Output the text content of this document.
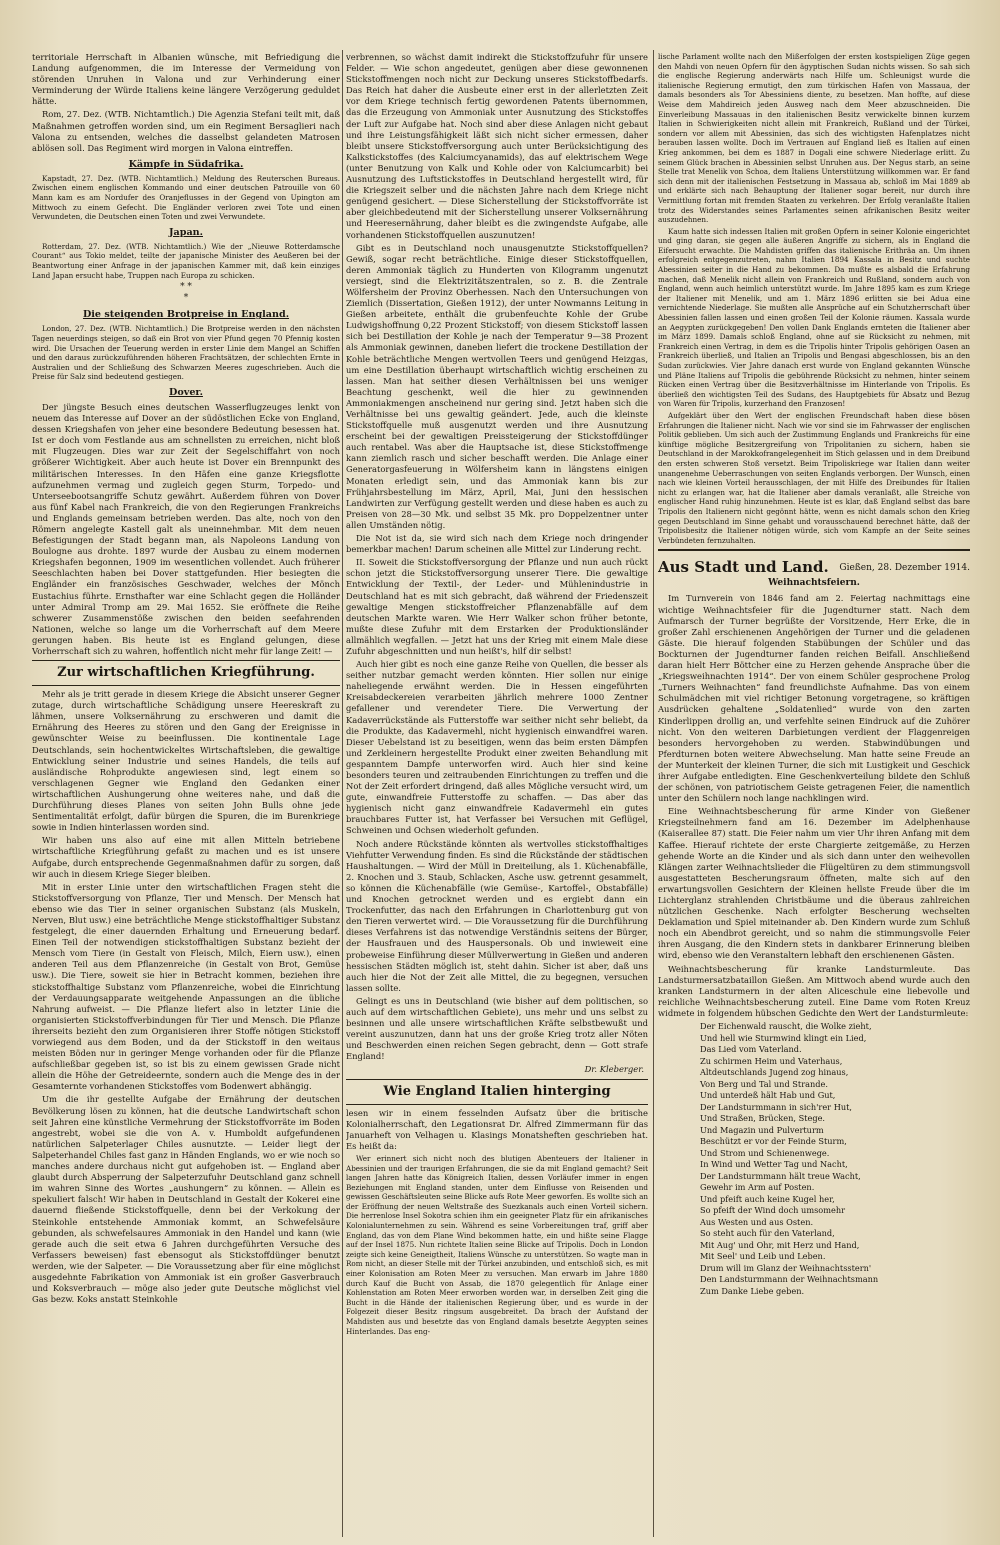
territoriale Herrschaft in Albanien wünsche, mit Befriedigung die Landung aufgenommen, die im Interesse der Vermeidung von störenden Unruhen in Valona und zur Verhinderung einer Verminderung der Würde Italiens keine längere Verzögerung geduldet hätte.

Rom, 27. Dez. (WTB. Nichtamtlich.) Die Agenzia Stefani teilt mit, daß Maßnahmen getroffen worden sind, um ein Regiment Bersaglieri nach Valona zu entsenden, welches die dasselbst gelandeten Matrosen ablösen soll. Das Regiment wird morgen in Valona eintreffen.

Kämpfe in Südafrika.

Kapstadt, 27. Dez. (WTB. Nichtamtlich.) Meldung des Reuterschen Bureaus. Zwischen einem englischen Kommando und einer deutschen Patrouille von 60 Mann kam es am Nordufer des Oranjeflusses in der Gegend von Upington am Mittwoch zu einem Gefecht. Die Engländer verloren zwei Tote und einen Verwundeten, die Deutschen einen Toten und zwei Verwundete.

Japan.

Rotterdam, 27. Dez. (WTB. Nichtamtlich.) Wie der „Nieuwe Rotterdamsche Courant“ aus Tokio meldet, teilte der japanische Minister des Aeußeren bei der Beantwortung einer Anfrage in der japanischen Kammer mit, daß kein einziges Land Japan ersucht habe, Truppen nach Europa zu schicken.

* *
*
Die steigenden Brotpreise in England.

London, 27. Dez. (WTB. Nichtamtlich.) Die Brotpreise werden in den nächsten Tagen neuerdings steigen, so daß ein Brot von vier Pfund gegen 70 Pfennig kosten wird. Die Ursachen der Teuerung werden in erster Linie dem Mangel an Schiffen und den daraus zurückzuführenden höheren Frachtsätzen, der schlechten Ernte in Australien und der Schließung des Schwarzen Meeres zugeschrieben. Auch die Preise für Salz sind bedeutend gestiegen.

Dover.

Der jüngste Besuch eines deutschen Wasserflugzeuges lenkt von neuem das Interesse auf Dover an der südöstlichen Ecke von England, dessen Kriegshafen von jeher eine besondere Bedeutung besessen hat. Ist er doch vom Festlande aus am schnellsten zu erreichen, nicht bloß mit Flugzeugen. Dies war zur Zeit der Segelschiffahrt von noch größerer Wichtigkeit. Aber auch heute ist Dover ein Brennpunkt des militärischen Interesses. In den Häfen eine ganze Kriegsflotte aufzunehmen vermag und zugleich gegen Sturm, Torpedo- und Unterseebootsangriffe Schutz gewährt. Außerdem führen von Dover aus fünf Kabel nach Frankreich, die von den Regierungen Frankreichs und Englands gemeinsam betrieben werden. Das alte, noch von den Römern angelegte Kastell galt als uneinnehmbar. Mit dem neuen Befestigungen der Stadt begann man, als Napoleons Landung von Boulogne aus drohte. 1897 wurde der Ausbau zu einem modernen Kriegshafen begonnen, 1909 im wesentlichen vollendet. Auch früherer Seeschlachten haben bei Dover stattgefunden. Hier besiegten die Engländer ein französisches Geschwader, welches der Mönch Eustachius führte. Ernsthafter war eine Schlacht gegen die Holländer unter Admiral Tromp am 29. Mai 1652. Sie eröffnete die Reihe schwerer Zusammenstöße zwischen den beiden seefahrenden Nationen, welche so lange um die Vorherrschaft auf dem Meere gerungen haben. Bis heute ist es England gelungen, diese Vorherrschaft sich zu wahren, hoffentlich nicht mehr für lange Zeit! —

Zur wirtschaftlichen Kriegführung.

Mehr als je tritt gerade in diesem Kriege die Absicht unserer Gegner zutage, durch wirtschaftliche Schädigung unsere Heereskraft zu lähmen, unsere Volksernährung zu erschweren und damit die Ernährung des Heeres zu stören und den Gang der Ereignisse in gewünschter Weise zu beeinflussen. Die kontinentale Lage Deutschlands, sein hochentwickeltes Wirtschaftsleben, die gewaltige Entwicklung seiner Industrie und seines Handels, die teils auf ausländische Rohprodukte angewiesen sind, legt einem so verschlagenen Gegner wie England den Gedanken einer wirtschaftlichen Aushungerung ohne weiteres nahe, und daß die Durchführung dieses Planes von seiten John Bulls ohne jede Sentimentalität erfolgt, dafür bürgen die Spuren, die im Burenkriege sowie in Indien hinterlassen worden sind.

Wir haben uns also auf eine mit allen Mitteln betriebene wirtschaftliche Kriegführung gefaßt zu machen und es ist unsere Aufgabe, durch entsprechende Gegenmaßnahmen dafür zu sorgen, daß wir auch in diesem Kriege Sieger bleiben.

Mit in erster Linie unter den wirtschaftlichen Fragen steht die Stickstoffversorgung von Pflanze, Tier und Mensch. Der Mensch hat ebenso wie das Tier in seiner organischen Substanz (als Muskeln, Nerven, Blut usw.) eine beträchtliche Menge stickstoffhaltiger Substanz festgelegt, die einer dauernden Erhaltung und Erneuerung bedarf. Einen Teil der notwendigen stickstoffhaltigen Substanz bezieht der Mensch vom Tiere (in Gestalt von Fleisch, Milch, Eiern usw.), einen anderen Teil aus dem Pflanzenreiche (in Gestalt von Brot, Gemüse usw.). Die Tiere, soweit sie hier in Betracht kommen, beziehen ihre stickstoffhaltige Substanz vom Pflanzenreiche, wobei die Einrichtung der Verdauungsapparate weitgehende Anpassungen an die übliche Nahrung aufweist. — Die Pflanze liefert also in letzter Linie die organisierten Stickstoffverbindungen für Tier und Mensch. Die Pflanze ihrerseits bezieht den zum Organisieren ihrer Stoffe nötigen Stickstoff vorwiegend aus dem Boden, und da der Stickstoff in den weitaus meisten Böden nur in geringer Menge vorhanden oder für die Pflanze aufschließbar gegeben ist, so ist bis zu einem gewissen Grade nicht allein die Höhe der Getreideernte, sondern auch die Menge des in der Gesamternte vorhandenen Stickstoffes vom Bodenwert abhängig.

Um die ihr gestellte Aufgabe der Ernährung der deutschen Bevölkerung lösen zu können, hat die deutsche Landwirtschaft schon seit Jahren eine künstliche Vermehrung der Stickstoffvorräte im Boden angestrebt, wobei sie die von A. v. Humboldt aufgefundenen natürlichen Salpeterlager Chiles ausnutzte. — Leider liegt der Salpeterhandel Chiles fast ganz in Händen Englands, wo er wie noch so manches andere durchaus nicht gut aufgehoben ist. — England aber glaubt durch Absperrung der Salpeterzufuhr Deutschland ganz schnell im wahren Sinne des Wortes „aushungern“ zu können. — Allein es spekuliert falsch! Wir haben in Deutschland in Gestalt der Kokerei eine dauernd fließende Stickstoffquelle, denn bei der Verkokung der Steinkohle entstehende Ammoniak kommt, an Schwefelsäure gebunden, als schwefelsaures Ammoniak in den Handel und kann (wie gerade auch die seit etwa 6 Jahren durchgeführten Versuche des Verfassers beweisen) fast ebensogut als Stickstoffdünger benutzt werden, wie der Salpeter. — Die Voraussetzung aber für eine möglichst ausgedehnte Fabrikation von Ammoniak ist ein großer Gasverbrauch und Koksverbrauch — möge also jeder gute Deutsche möglichst viel Gas bezw. Koks anstatt Steinkohle

verbrennen, so wächst damit indirekt die Stickstoffzufuhr für unsere Felder. — Wie schon angedeutet, genügen aber diese gewonnenen Stickstoffmengen noch nicht zur Deckung unseres Stickstoffbedarfs. Das Reich hat daher die Ausbeute einer erst in der allerletzten Zeit vor dem Kriege technisch fertig gewordenen Patents übernommen, das die Erzeugung von Ammoniak unter Ausnutzung des Stickstoffes der Luft zur Aufgabe hat. Noch sind aber diese Anlagen nicht gebaut und ihre Leistungsfähigkeit läßt sich nicht sicher ermessen, daher bleibt unsere Stickstoffversorgung auch unter Berücksichtigung des Kalkstickstoffes (des Kalciumcyanamids), das auf elektrischem Wege (unter Benutzung von Kalk und Kohle oder von Kalciumcarbit) bei Ausnutzung des Luftstickstoffes in Deutschland hergestellt wird, für die Kriegszeit selber und die nächsten Jahre nach dem Kriege nicht genügend gesichert. — Diese Sicherstellung der Stickstoffvorräte ist aber gleichbedeutend mit der Sicherstellung unserer Volksernährung und Heeresernährung, daher bleibt es die zwingendste Aufgabe, alle vorhandenen Stickstoffquellen auszunutzen!

Gibt es in Deutschland noch unausgenutzte Stickstoffquellen? Gewiß, sogar recht beträchtliche. Einige dieser Stickstoffquellen, deren Ammoniak täglich zu Hunderten von Kilogramm ungenutzt versiegt, sind die Elektrizitätszentralen, so z. B. die Zentrale Wölfersheim der Provinz Oberhessen. Nach den Untersuchungen von Ziemlich (Dissertation, Gießen 1912), der unter Nowmanns Leitung in Gießen arbeitete, enthält die grubenfeuchte Kohle der Grube Ludwigshoffnung 0,22 Prozent Stickstoff; von diesem Stickstoff lassen sich bei Destillation der Kohle je nach der Temperatur 9—38 Prozent als Ammoniak gewinnen, daneben liefert die trockene Destillation der Kohle beträchtliche Mengen wertvollen Teers und genügend Heizgas, um eine Destillation überhaupt wirtschaftlich wichtig erscheinen zu lassen. Man hat seither diesen Verhältnissen bei uns weniger Beachtung geschenkt, weil die hier zu gewinnenden Ammoniakmengen anscheinend nur gering sind. Jetzt haben sich die Verhältnisse bei uns gewaltig geändert. Jede, auch die kleinste Stickstoffquelle muß ausgenutzt werden und ihre Ausnutzung erscheint bei der gewaltigen Preissteigerung der Stickstoffdünger auch rentabel. Was aber die Hauptsache ist, diese Stickstoffmenge kann ziemlich rasch und sicher beschafft werden. Die Anlage einer Generatorgasfeuerung in Wölfersheim kann in längstens einigen Monaten erledigt sein, und das Ammoniak kann bis zur Frühjahrsbestellung im März, April, Mai, Juni den hessischen Landwirten zur Verfügung gestellt werden und diese haben es auch zu Preisen von 28—30 Mk. und selbst 35 Mk. pro Doppelzentner unter allen Umständen nötig.

Die Not ist da, sie wird sich nach dem Kriege noch dringender bemerkbar machen! Darum scheinen alle Mittel zur Linderung recht.

II. Soweit die Stickstoffversorgung der Pflanze und nun auch rückt schon jetzt die Stickstoffversorgung unserer Tiere. Die gewaltige Entwicklung der Textil-, der Leder- und Mühlenindustrie in Deutschland hat es mit sich gebracht, daß während der Friedenszeit gewaltige Mengen stickstoffreicher Pflanzenabfälle auf dem deutschen Markte waren. Wie Herr Walker schon früher betonte, mußte diese Zufuhr mit dem Erstarken der Produktionsländer allmählich wegfallen. — Jetzt hat uns der Krieg mit einem Male diese Zufuhr abgeschnitten und nun heißt's, hilf dir selbst!

Auch hier gibt es noch eine ganze Reihe von Quellen, die besser als seither nutzbar gemacht werden könnten. Hier sollen nur einige naheliegende erwähnt werden. Die in Hessen eingeführten Kreisabdeckereien verarbeiten jährlich mehrere 1000 Zentner gefallener und verendeter Tiere. Die Verwertung der Kadaverrückstände als Futterstoffe war seither nicht sehr beliebt, da die Produkte, das Kadavermehl, nicht hygienisch einwandfrei waren. Dieser Uebelstand ist zu beseitigen, wenn das beim ersten Dämpfen und Zerkleinern hergestellte Produkt einer zweiten Behandlung mit gespanntem Dampfe unterworfen wird. Auch hier sind keine besonders teuren und zeitraubenden Einrichtungen zu treffen und die Not der Zeit erfordert dringend, daß alles Mögliche versucht wird, um gute, einwandfreie Futterstoffe zu schaffen. — Das aber das hygienisch nicht ganz einwandfreie Kadavermehl ein gutes brauchbares Futter ist, hat Verfasser bei Versuchen mit Geflügel, Schweinen und Ochsen wiederholt gefunden.

Noch andere Rückstände könnten als wertvolles stickstoffhaltiges Viehfutter Verwendung finden. Es sind die Rückstände der städtischen Haushaltungen. — Wird der Müll in Dreiteilung, als 1. Küchenabfälle, 2. Knochen und 3. Staub, Schlacken, Asche usw. getrennt gesammelt, so können die Küchenabfälle (wie Gemüse-, Kartoffel-, Obstabfälle) und Knochen getrocknet werden und es ergiebt dann ein Trockenfutter, das nach den Erfahrungen in Charlottenburg gut von den Tieren verwertet wird. — Die Voraussetzung für die Durchführung dieses Verfahrens ist das notwendige Verständnis seitens der Bürger, der Hausfrauen und des Hauspersonals. Ob und inwieweit eine probeweise Einführung dieser Müllverwertung in Gießen und anderen hessischen Städten möglich ist, steht dahin. Sicher ist aber, daß uns auch hier die Not der Zeit alle Mittel, die zu begegnen, versuchen lassen sollte.

Gelingt es uns in Deutschland (wie bisher auf dem politischen, so auch auf dem wirtschaftlichen Gebiete), uns mehr und uns selbst zu besinnen und alle unsere wirtschaftlichen Kräfte selbstbewußt und vereint auszunutzen, dann hat uns der große Krieg trotz aller Nöten und Beschwerden einen reichen Segen gebracht, denn — Gott strafe England!

Dr. Kleberger.
Wie England Italien hinterging

lesen wir in einem fesselnden Aufsatz über die britische Kolonialherrschaft, den Legationsrat Dr. Alfred Zimmermann für das Januarheft von Velhagen u. Klasings Monatsheften geschrieben hat. Es heißt da:

Wer erinnert sich nicht noch des blutigen Abenteuers der Italiener in Abessinien und der traurigen Erfahrungen, die sie da mit England gemacht? Seit langen Jahren hatte das Königreich Italien, dessen Vorläufer immer in engen Beziehungen mit England standen, unter dem Einflusse von Reisenden und gewissen Geschäftsleuten seine Blicke aufs Rote Meer geworfen. Es wollte sich an der Eröffnung der neuen Weltstraße des Suezkanals auch einen Vorteil sichern. Die herrenlose Insel Sokotra schien ihm ein geeigneter Platz für ein afrikanisches Kolonialunternehmen zu sein. Während es seine Vorbereitungen traf, griff aber England, das von dem Plane Wind bekommen hatte, ein und hißte seine Flagge auf der Insel 1875. Nun richtete Italien seine Blicke auf Tripolis. Doch in London zeigte sich keine Geneigtheit, Italiens Wünsche zu unterstützen. So wagte man in Rom nicht, an dieser Stelle mit der Türkei anzubinden, und entschloß sich, es mit einer Kolonisation am Roten Meer zu versuchen. Man erwarb im Jahre 1880 durch Kauf die Bucht von Assab, die 1870 gelegentlich für Anlage einer Kohlenstation am Roten Meer erworben worden war, in derselben Zeit ging die Bucht in die Hände der italienischen Regierung über, und es wurde in der Folgezeit dieser Besitz ringsum ausgebreitet. Da brach der Aufstand der Mahdisten aus und besetzte das von England damals besetzte Aegypten seines Hinterlandes. Das eng-

lische Parlament wollte nach den Mißerfolgen der ersten kostspieligen Züge gegen den Mahdi von neuen Opfern für den ägyptischen Sudan nichts wissen. So sah sich die englische Regierung anderwärts nach Hilfe um. Schleunigst wurde die italienische Regierung ermutigt, den zum türkischen Hafen von Massaua, der damals besonders als Tor Abessiniens diente, zu besetzen. Man hoffte, auf diese Weise dem Mahdireich jeden Ausweg nach dem Meer abzuschneiden. Die Einverleibung Massauas in den italienischen Besitz verwickelte binnen kurzem Italien in Schwierigkeiten nicht allein mit Frankreich, Rußland und der Türkei, sondern vor allem mit Abessinien, das sich des wichtigsten Hafenplatzes nicht berauben lassen wollte. Doch im Vertrauen auf England ließ es Italien auf einen Krieg ankommen, bei dem es 1887 in Dogali eine schwere Niederlage erlitt. Zu seinem Glück brachen in Abessinien selbst Unruhen aus. Der Negus starb, an seine Stelle trat Menelik von Schoa, dem Italiens Unterstützung willkommen war. Er fand sich denn mit der italienischen Festsetzung in Massaua ab, schloß im Mai 1889 ab und erklärte sich nach Behauptung der Italiener sogar bereit, nur durch ihre Vermittlung fortan mit fremden Staaten zu verkehren. Der Erfolg veranlaßte Italien trotz des Widerstandes seines Parlamentes seinen afrikanischen Besitz weiter auszudehnen.

Kaum hatte sich indessen Italien mit großen Opfern in seiner Kolonie eingerichtet und ging daran, sie gegen alle äußeren Angriffe zu sichern, als in England die Eifersucht erwachte. Die Mahdisten griffen das italienische Erithräa an. Um ihnen erfolgreich entgegenzutreten, nahm Italien 1894 Kassala in Besitz und suchte Abessinien seiter in die Hand zu bekommen. Da mußte es alsbald die Erfahrung machen, daß Menelik nicht allein von Frankreich und Rußland, sondern auch von England, wenn auch heimlich unterstützt wurde. Im Jahre 1895 kam es zum Kriege der Italiener mit Menelik, und am 1. März 1896 erlitten sie bei Adua eine vernichtende Niederlage. Sie mußten alle Ansprüche auf ein Schutzherrschaft über Abessinien fallen lassen und einen großen Teil der Kolonie räumen. Kassala wurde an Aegypten zurückgegeben! Den vollen Dank Englands ernteten die Italiener aber im März 1899. Damals schloß England, ohne auf sie Rücksicht zu nehmen, mit Frankreich einen Vertrag, in dem es die Tripolis hinter Tripolis gehörigen Oasen an Frankreich überließ, und Italien an Tripolis und Bengasi abgeschlossen, bis an den Sudan zurückwies. Vier Jahre danach erst wurde von England gekannten Wünsche und Pläne Italiens auf Tripolis die gebührende Rücksicht zu nehmen, hinter seinem Rücken einen Vertrag über die Besitzverhältnisse im Hinterlande von Tripolis. Es überließ den wichtigsten Teil des Sudans, des Hauptgebiets für Absatz und Bezug von Waren für Tripolis, kurzerhand den Franzosen!

Aufgeklärt über den Wert der englischen Freundschaft haben diese bösen Erfahrungen die Italiener nicht. Nach wie vor sind sie im Fahrwasser der englischen Politik geblieben. Um sich auch der Zustimmung Englands und Frankreichs für eine künftige mögliche Besitzergreifung von Tripolitanien zu sichern, haben sie Deutschland in der Marokkofrangelegenheit im Stich gelassen und in dem Dreibund den ersten schweren Stoß versetzt. Beim Tripoliskriege war Italien dann weiter unangenehme Ueberraschungen von seiten Englands verborgen. Der Wunsch, einen nach wie kleinen Vorteil herausschlagen, der mit Hilfe des Dreibundes für Italien nicht zu erlangen war, hat die Italiener aber damals veranlaßt, alle Streiche von englischer Hand ruhig hinzunehmen. Heute ist es klar, daß England selbst das bare Tripolis den Italienern nicht gegönnt hätte, wenn es nicht damals schon den Krieg gegen Deutschland im Sinne gehabt und vorausschauend berechnet hätte, daß der Tripolisbesitz die Italiener nötigen würde, sich vom Kampfe an der Seite seines Verbündeten fernzuhalten.

Aus Stadt und Land.	Gießen, 28. Dezember 1914.
Weihnachtsfeiern.

Im Turnverein von 1846 fand am 2. Feiertag nachmittags eine wichtige Weihnachtsfeier für die Jugendturner statt. Nach dem Aufmarsch der Turner begrüßte der Vorsitzende, Herr Erke, die in großer Zahl erschienenen Angehörigen der Turner und die geladenen Gäste. Die hierauf folgenden Stabübungen der Schüler und das Bockturnen der Jugendturner fanden reichen Beifall. Anschließend daran hielt Herr Böttcher eine zu Herzen gehende Ansprache über die „Kriegsweihnachten 1914“. Der von einem Schüler gesprochene Prolog „Turners Weihnachten“ fand freundlichste Aufnahme. Das von einem Schulmädchen mit viel richtiger Betonung vorgetragene, so kräftigen Ausdrücken gehaltene „Soldatenlied“ wurde von den zarten Kinderlippen drollig an, und verfehlte seinen Eindruck auf die Zuhörer nicht. Von den weiteren Darbietungen verdient der Flaggenreigen besonders hervorgehoben zu werden. Stabwindübungen und Pferdturnen boten weitere Abwechselung. Man hatte seine Freude an der Munterkeit der kleinen Turner, die sich mit Lustigkeit und Geschick ihrer Aufgabe entledigten. Eine Geschenkverteilung bildete den Schluß der schönen, von patriotischem Geiste getragenen Feier, die namentlich unter den Schülern noch lange nachklingen wird.

Eine Weihnachtsbescherung für arme Kinder von Gießener Kriegsteilnehmern fand am 16. Dezember im Adelphenhause (Kaiserallee 87) statt. Die Feier nahm um vier Uhr ihren Anfang mit dem Kaffee. Hierauf richtete der erste Chargierte zeitgemäße, zu Herzen gehende Worte an die Kinder und als sich dann unter den weihevollen Klängen zarter Weihnachtslieder die Flügeltüren zu dem stimmungsvoll ausgestatteten Bescherungsraum öffneten, malte sich auf den erwartungsvollen Gesichtern der Kleinen hellste Freude über die im Lichterglanz strahlenden Christbäume und die überaus zahlreichen nützlichen Geschenke. Nach erfolgter Bescherung wechselten Deklamation und Spiel miteinander ab. Den Kindern wurde zum Schluß noch ein Abendbrot gereicht, und so nahm die stimmungsvolle Feier ihren Ausgang, die den Kindern stets in dankbarer Erinnerung bleiben wird, ebenso wie den Veranstaltern lebhaft den erschienenen Gästen.

Weihnachtsbescherung für kranke Landsturmleute. Das Landsturmersatzbataillon Gießen. Am Mittwoch abend wurde auch den kranken Landsturmern in der alten Aliceschule eine liebevolle und reichliche Weihnachtsbescherung zuteil. Eine Dame vom Roten Kreuz widmete in folgendem hübschen Gedichte den Wert der Landsturmleute:

Der Eichenwald rauscht, die Wolke zieht,
Und hell wie Sturmwind klingt ein Lied,
Das Lied vom Vaterland.
Zu schirmen Heim und Vaterhaus,
Altdeutschlands Jugend zog hinaus,
Von Berg und Tal und Strande.
Und unterdeß hält Hab und Gut,
Der Landsturmmann in sich'rer Hut,
Und Straßen, Brücken, Stege.
Und Magazin und Pulverturm
Beschützt er vor der Feinde Sturm,
Und Strom und Schienenwege.
In Wind und Wetter Tag und Nacht,
Der Landsturmmann hält treue Wacht,
Gewehr im Arm auf Posten.
Und pfeift auch keine Kugel her,
So pfeift der Wind doch umsomehr
Aus Westen und aus Osten.
So steht auch für den Vaterland,
Mit Aug' und Ohr, mit Herz und Hand,
Mit Seel' und Leib und Leben.
Drum will im Glanz der Weihnachtsstern'
Den Landsturmmann der Weihnachtsmann
Zum Danke Liebe geben.
